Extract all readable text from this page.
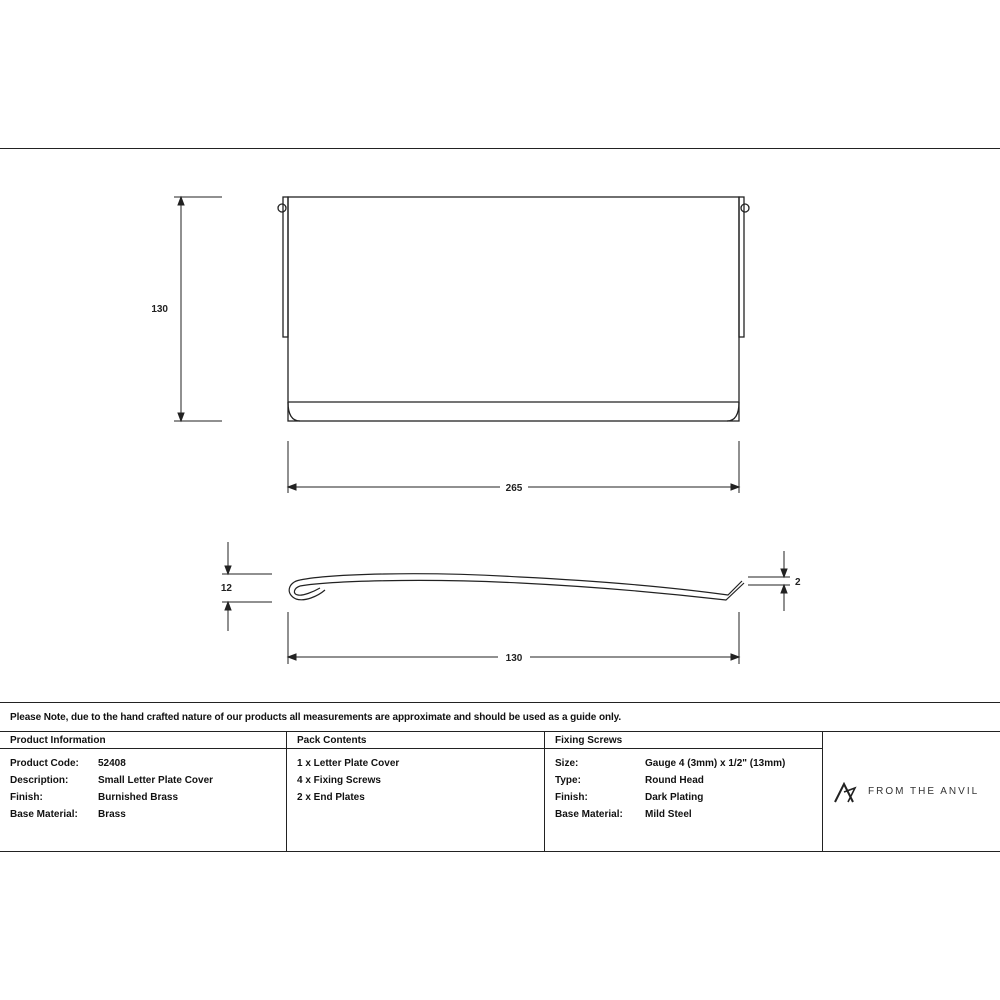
130
265
12
2
130
Please Note, due to the hand crafted nature of our products all measurements are approximate and should be used as a guide only.
Product Information
Product Code:	52408
Description:	Small Letter Plate Cover
Finish:	Burnished Brass
Base Material:	Brass
Pack Contents
1 x Letter Plate Cover
4 x Fixing Screws
2 x End Plates
Fixing Screws
Size:	Gauge 4 (3mm) x 1/2" (13mm)
Type:	Round Head
Finish:	Dark Plating
Base Material:	Mild Steel
FROM THE ANVIL
